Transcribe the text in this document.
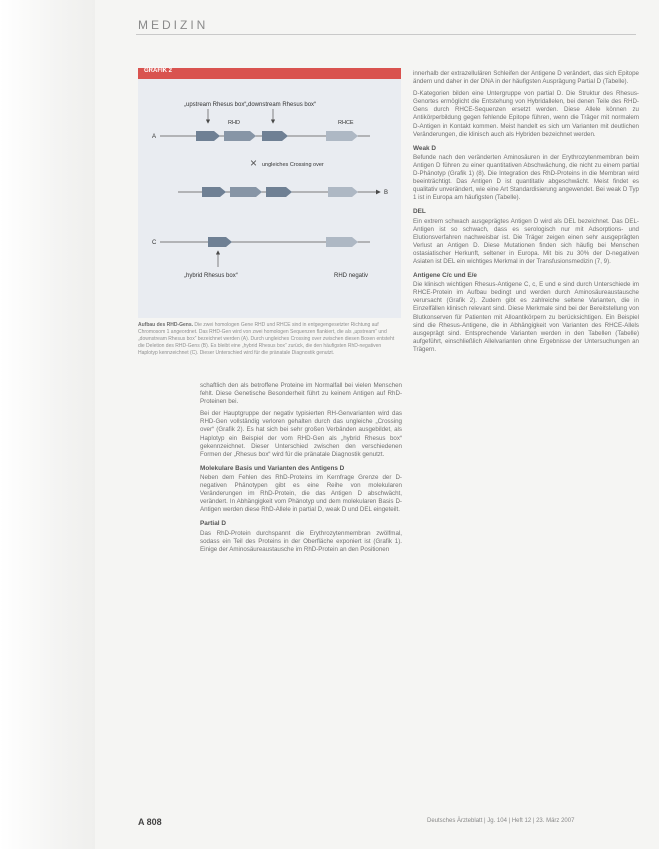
MEDIZIN
GRAFIK 2
„upstream Rhesus box“ „downstream Rhesus box“
A
RHD	RHCE
× ungleiches Crossing over
B
C
„hybrid Rhesus box“	RHD negativ
Aufbau des RHD-Gens. Die zwei homologen Gene RHD und RHCE sind in entgegengesetzter Richtung auf Chromosom 1 angeordnet. Das RHD-Gen wird von zwei homologen Sequenzen flankiert, die als „upstream“ und „downstream Rhesus box“ bezeichnet werden (A). Durch ungleiches Crossing over zwischen diesen Boxen entsteht die Deletion des RHD-Gens (B). Es bleibt eine „hybrid Rhesus box“ zurück, die den häufigsten RhD-negativen Haplotyp kennzeichnet (C). Dieser Unterschied wird für die pränatale Diagnostik genutzt.

schaftlich den als betroffene Proteine im Normalfall bei vielen Menschen fehlt. Diese Genetische Besonderheit führt zu keinem Antigen auf RhD-Proteinen bei.

Bei der Hauptgruppe der negativ typisierten RH-Genvarianten wird das RHD-Gen vollständig verloren gehalten durch das ungleiche „Crossing over“ (Grafik 2). Es hat sich bei sehr großen Verbänden ausgebildet, als Haplotyp ein Beispiel der vom RHD-Gen als „hybrid Rhesus box“ gekennzeichnet. Dieser Unterschied zwischen den verschiedenen Formen der „Rhesus box“ wird für die pränatale Diagnostik genutzt.

Molekulare Basis und Varianten des Antigens D

Neben dem Fehlen des RhD-Proteins im Kernfrage Grenze der D-negativen Phänotypen gibt es eine Reihe von molekularen Veränderungen im RhD-Protein, die das Antigen D abschwächt, verändert. In Abhängigkeit vom Phänotyp und dem molekularen Basis D-Antigen werden diese RhD-Allele in partial D, weak D und DEL eingeteilt.

Partial D

Das RhD-Protein durchspannt die Erythrozytenmembran zwölfmal, sodass ein Teil des Proteins in der Oberfläche exponiert ist (Grafik 1). Einige der Aminosäureaustausche im RhD-Protein an den Positionen

innerhalb der extrazellulären Schleifen der Antigene D verändert, das sich Epitope ändern und daher in der DNA in der häufigsten Ausprägung Partial D (Tabelle).

D-Kategorien bilden eine Untergruppe von partial D. Die Struktur des Rhesus-Genortes ermöglicht die Entstehung von Hybridallelen, bei denen Teile des RHD-Gens durch RHCE-Sequenzen ersetzt werden. Diese Allele können zu Antikörperbildung gegen fehlende Epitope führen, wenn die Träger mit normalem D-Antigen in Kontakt kommen. Meist handelt es sich um Varianten mit deutlichen Veränderungen, die klinisch auch als Hybriden bezeichnet werden.

Weak D

Befunde nach den veränderten Aminosäuren in der Erythrozytenmembran beim Antigen D führen zu einer quantitativen Abschwächung, die nicht zu einem partial D-Phänotyp (Grafik 1) (8). Die Integration des RhD-Proteins in die Membran wird beeinträchtigt. Das Antigen D ist quantitativ abgeschwächt. Meist findet es qualitativ unverändert, wie eine Art Standardisierung angewendet. Bei weak D Typ 1 ist in Europa am häufigsten (Tabelle).

DEL

Ein extrem schwach ausgeprägtes Antigen D wird als DEL bezeichnet. Das DEL-Antigen ist so schwach, dass es serologisch nur mit Adsorptions- und Elutionsverfahren nachweisbar ist. Die Träger zeigen einen sehr ausgeprägten Verlust an Antigen D. Diese Mutationen finden sich häufig bei Menschen ostasiatischer Herkunft, seltener in Europa. Mit bis zu 30% der D-negativen Asiaten ist DEL ein wichtiges Merkmal in der Transfusionsmedizin (7, 9).

Antigene C/c und E/e

Die klinisch wichtigen Rhesus-Antigene C, c, E und e sind durch Unterschiede im RHCE-Protein im Aufbau bedingt und werden durch Aminosäureaustausche verursacht (Grafik 2). Zudem gibt es zahlreiche seltene Varianten, die in Einzelfällen klinisch relevant sind. Diese Merkmale sind bei der Bereitstellung von Blutkonserven für Patienten mit Alloantikörpern zu berücksichtigen. Ein Beispiel sind die Rhesus-Antigene, die in Abhängigkeit von Varianten des RHCE-Allels ausgeprägt sind. Entsprechende Varianten werden in den Tabellen (Tabelle) aufgeführt, einschließlich Allelvarianten ohne Ergebnisse der Untersuchungen an Trägern.

A 808	Deutsches Ärzteblatt | Jg. 104 | Heft 12 | 23. März 2007
